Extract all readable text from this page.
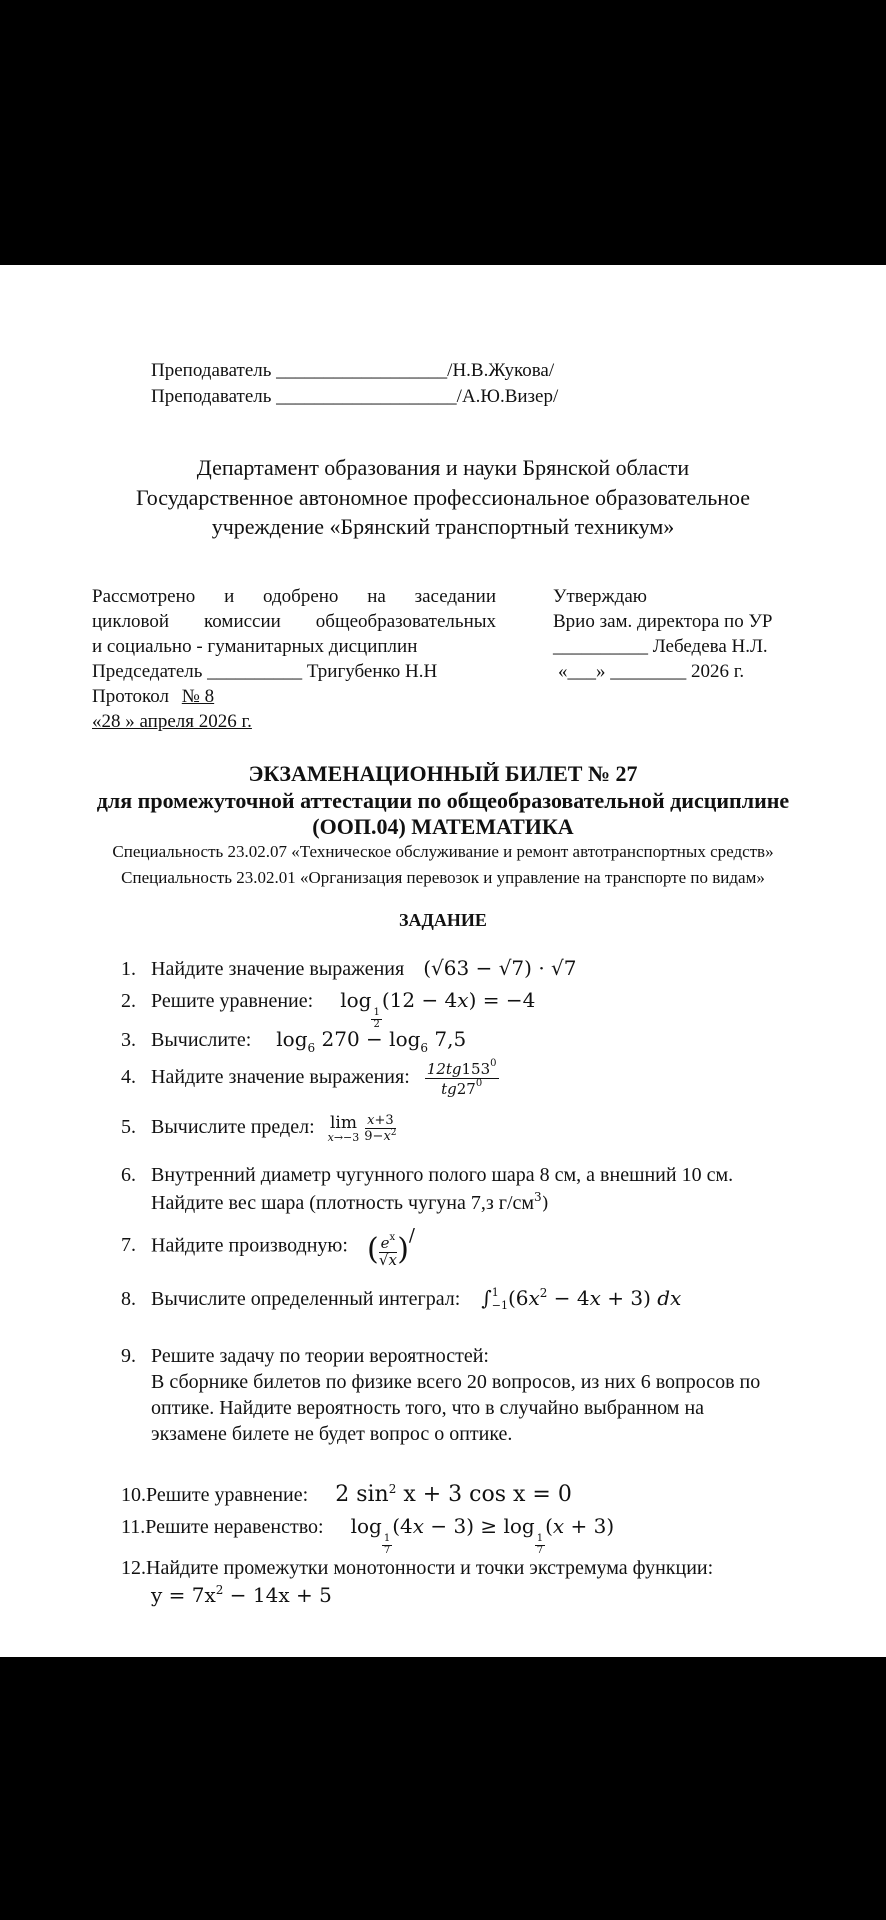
Преподаватель __________________/Н.В.Жукова/
Преподаватель ___________________/А.Ю.Визер/
Департамент образования и науки Брянской области
Государственное автономное профессиональное образовательное
учреждение «Брянский транспортный техникум»
Рассмотрено и одобрено на заседании
цикловой комиссии общеобразовательных
и социально - гуманитарных дисциплин
Председатель __________ Тригубенко Н.Н
Протокол № 8
«28 » апреля 2026 г.
Утверждаю
Врио зам. директора по УР
__________ Лебедева Н.Л.
«___» ________ 2026 г.
ЭКЗАМЕНАЦИОННЫЙ БИЛЕТ № 27
для промежуточной аттестации по общеобразовательной дисциплине
(ООП.04) МАТЕМАТИКА
Специальность 23.02.07 «Техническое обслуживание и ремонт автотранспортных средств»
Специальность 23.02.01 «Организация перевозок и управление на транспорте по видам»
ЗАДАНИЕ
1. Найдите значение выражения (√63 − √7) · √7
2. Решите уравнение: log
$\frac{1}{2}$
(12 − 4x) = −4
3. Вычислите: $\log_6 270 - \log_6 7,5$
4. Найдите значение выражения: $\frac{12tg153^0}{tg27^0}$
5. Вычислите предел: lim
x→−3
$\frac{x+3}{9-x^2}$
6. Внутренний диаметр чугунного полого шара 8 см, а внешний 10 см.
Найдите вес шара (плотность чугуна 7,з $г/см^3$)
7. Найдите производную: ( $\frac{e^x}{√x} )^/$
8. Вычислите определенный интеграл: ∫ 1
−1 $(6x^2 - 4x + 3)$ dx
9. Решите задачу по теории вероятностей:
В сборнике билетов по физике всего 20 вопросов, из них 6 вопросов по
оптике. Найдите вероятность того, что в случайно выбранном на
экзамене билете не будет вопрос о оптике.
10.Решите уравнение: 2 $\sin^2 x + 3$ cos x = 0
11.Решите неравенство: log
$\frac{1}{7}$
(4x − 3) ≥ log
$\frac{1}{7}$
(x + 3)
12.Найдите промежутки монотонности и точки экстремума функции:
$y = 7x^2 - 14x + 5$
